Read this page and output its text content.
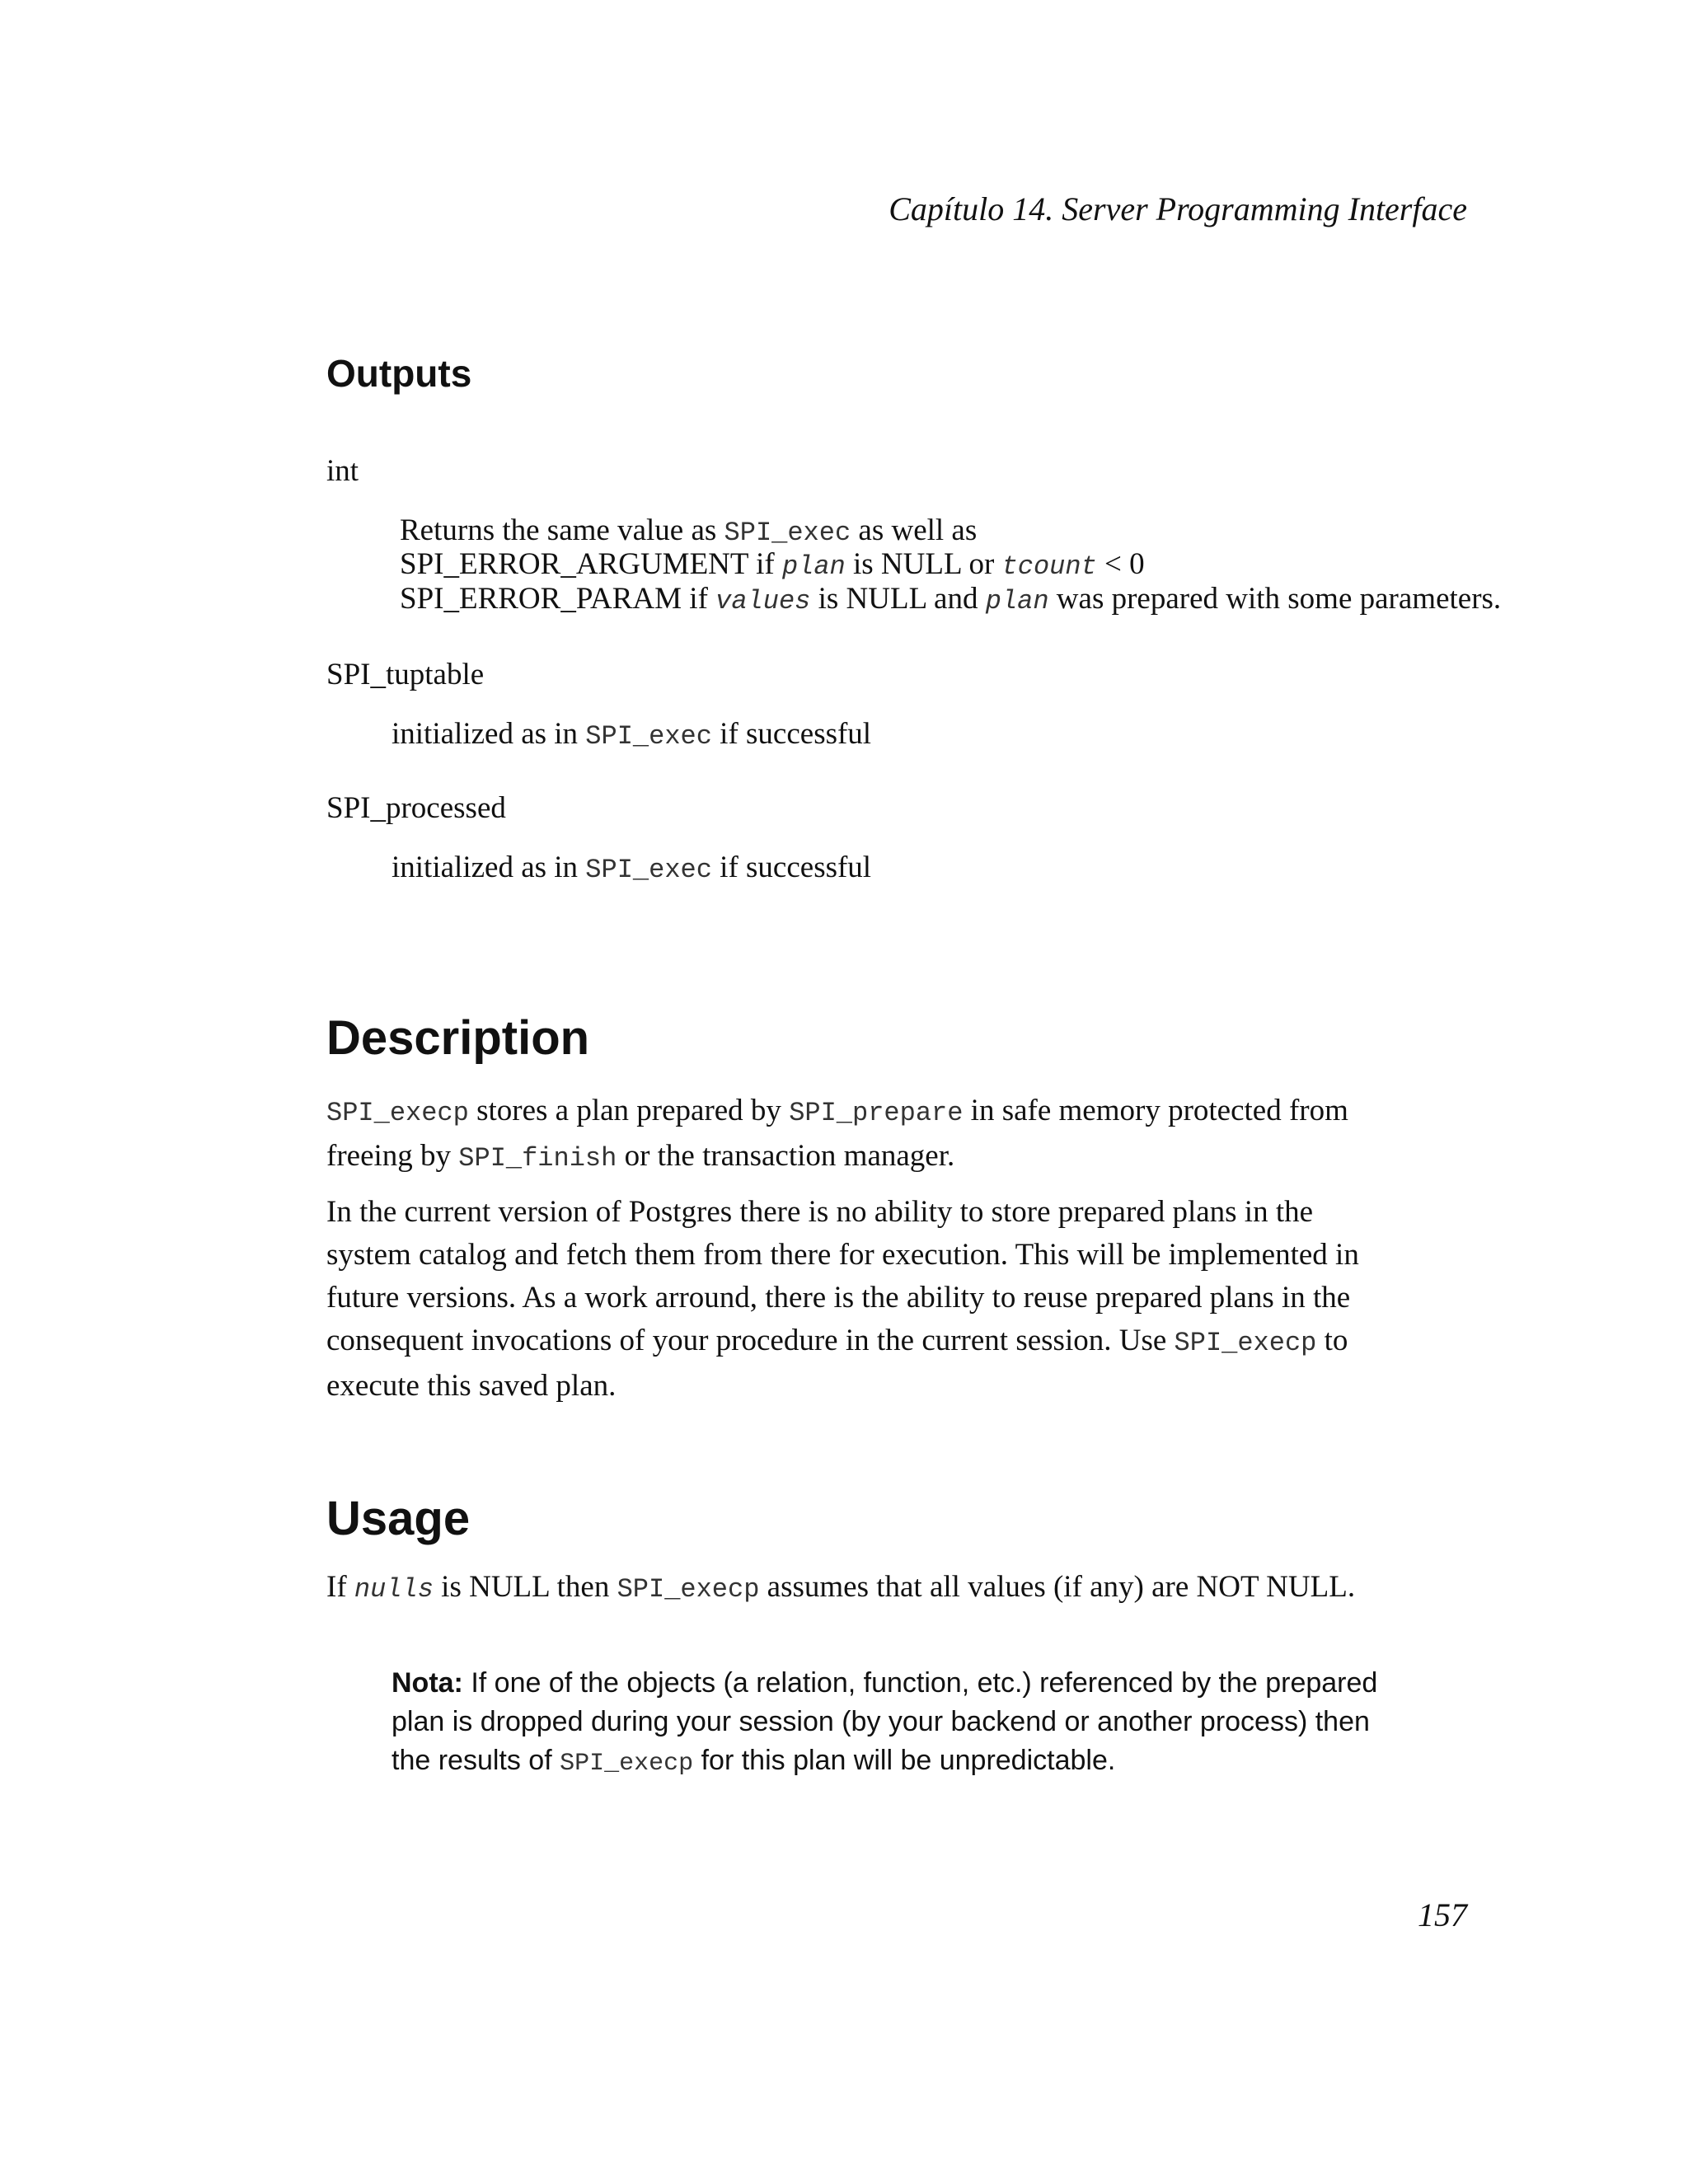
Capítulo 14. Server Programming Interface
Outputs
int
Returns the same value as SPI_exec as well as
SPI_ERROR_ARGUMENT if plan is NULL or tcount < 0
SPI_ERROR_PARAM if values is NULL and plan was prepared with some parameters.
SPI_tuptable
initialized as in SPI_exec if successful
SPI_processed
initialized as in SPI_exec if successful
Description
SPI_execp stores a plan prepared by SPI_prepare in safe memory protected from
freeing by SPI_finish or the transaction manager.
In the current version of Postgres there is no ability to store prepared plans in the
system catalog and fetch them from there for execution. This will be implemented in
future versions. As a work arround, there is the ability to reuse prepared plans in the
consequent invocations of your procedure in the current session. Use SPI_execp to
execute this saved plan.
Usage
If nulls is NULL then SPI_execp assumes that all values (if any) are NOT NULL.
Nota: If one of the objects (a relation, function, etc.) referenced by the prepared
plan is dropped during your session (by your backend or another process) then
the results of SPI_execp for this plan will be unpredictable.
157
